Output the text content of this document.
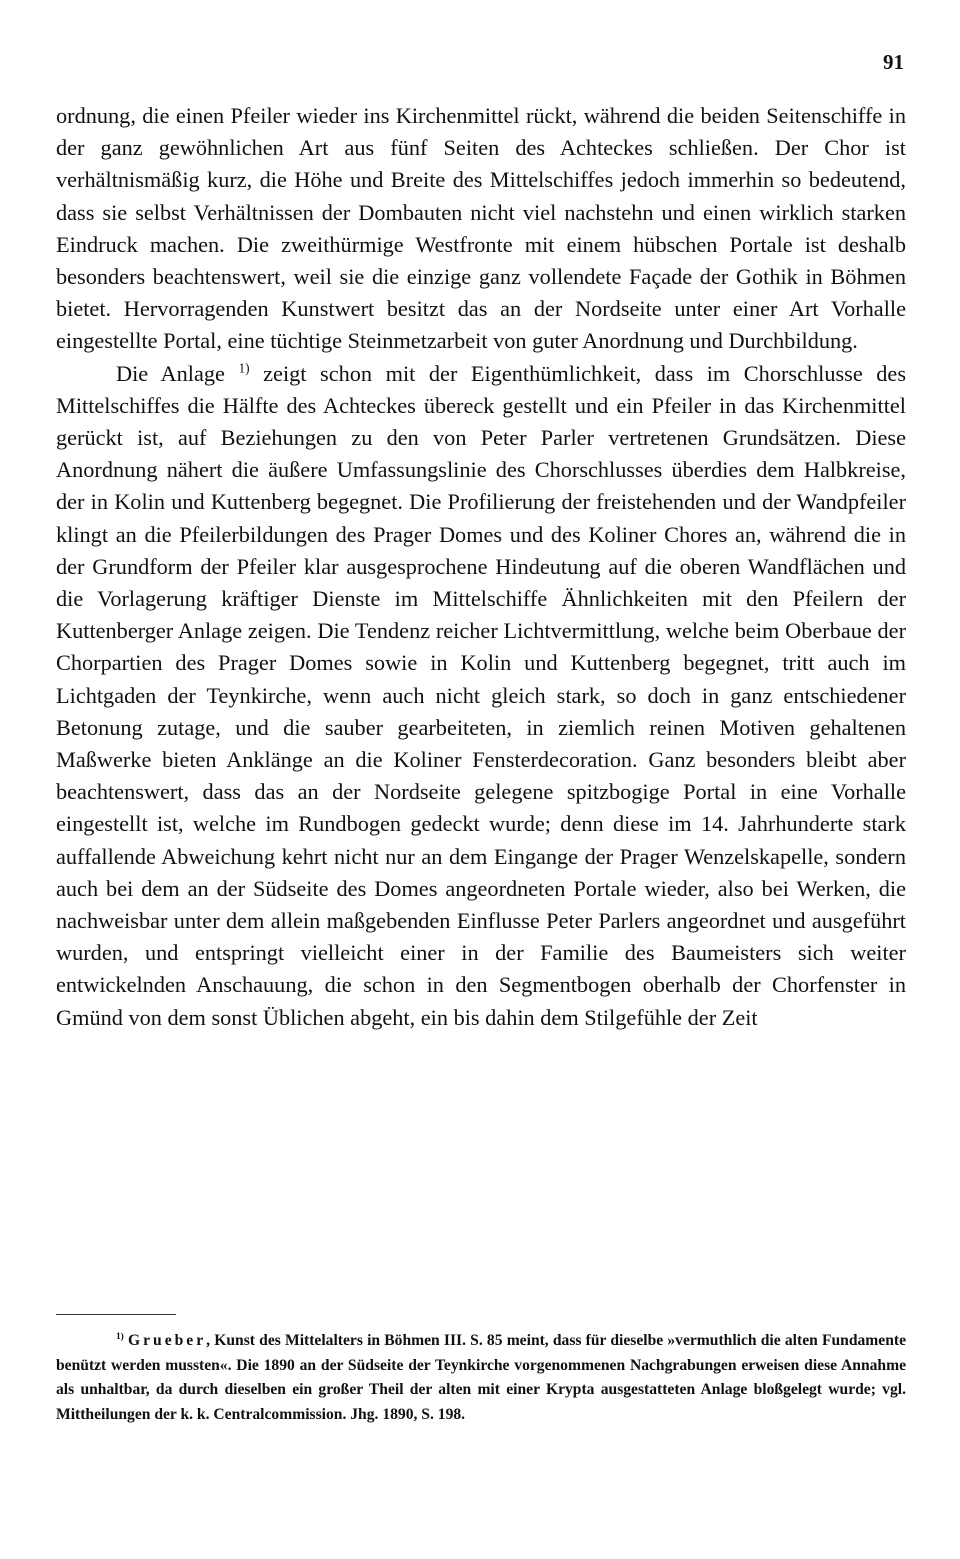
91

ordnung, die einen Pfeiler wieder ins Kirchenmittel rückt, während die beiden Seitenschiffe in der ganz gewöhnlichen Art aus fünf Seiten des Achteckes schließen. Der Chor ist verhältnismäßig kurz, die Höhe und Breite des Mittelschiffes jedoch immerhin so bedeutend, dass sie selbst Verhältnissen der Dombauten nicht viel nachstehn und einen wirklich starken Eindruck machen. Die zweithürmige Westfronte mit einem hübschen Portale ist deshalb besonders beachtenswert, weil sie die einzige ganz vollendete Façade der Gothik in Böhmen bietet. Hervorragenden Kunstwert besitzt das an der Nordseite unter einer Art Vorhalle eingestellte Portal, eine tüchtige Steinmetzarbeit von guter Anordnung und Durchbildung.

Die Anlage $^{1)}$ zeigt schon mit der Eigenthümlichkeit, dass im Chorschlusse des Mittelschiffes die Hälfte des Achteckes übereck gestellt und ein Pfeiler in das Kirchenmittel gerückt ist, auf Beziehungen zu den von Peter Parler vertretenen Grundsätzen. Diese Anordnung nähert die äußere Umfassungslinie des Chorschlusses überdies dem Halbkreise, der in Kolin und Kuttenberg begegnet. Die Profilierung der freistehenden und der Wandpfeiler klingt an die Pfeilerbildungen des Prager Domes und des Koliner Chores an, während die in der Grundform der Pfeiler klar ausgesprochene Hindeutung auf die oberen Wandflächen und die Vorlagerung kräftiger Dienste im Mittelschiffe Ähnlichkeiten mit den Pfeilern der Kuttenberger Anlage zeigen. Die Tendenz reicher Lichtvermittlung, welche beim Oberbaue der Chorpartien des Prager Domes sowie in Kolin und Kuttenberg begegnet, tritt auch im Lichtgaden der Teynkirche, wenn auch nicht gleich stark, so doch in ganz entschiedener Betonung zutage, und die sauber gearbeiteten, in ziemlich reinen Motiven gehaltenen Maßwerke bieten Anklänge an die Koliner Fensterdecoration. Ganz besonders bleibt aber beachtenswert, dass das an der Nordseite gelegene spitzbogige Portal in eine Vorhalle eingestellt ist, welche im Rundbogen gedeckt wurde; denn diese im 14. Jahrhunderte stark auffallende Abweichung kehrt nicht nur an dem Eingange der Prager Wenzelskapelle, sondern auch bei dem an der Südseite des Domes angeordneten Portale wieder, also bei Werken, die nachweisbar unter dem allein maßgebenden Einflusse Peter Parlers angeordnet und ausgeführt wurden, und entspringt vielleicht einer in der Familie des Baumeisters sich weiter entwickelnden Anschauung, die schon in den Segmentbogen oberhalb der Chorfenster in Gmünd von dem sonst Üblichen abgeht, ein bis dahin dem Stilgefühle der Zeit

$^{1)}$ Grueber, Kunst des Mittelalters in Böhmen III. S. 85 meint, dass für dieselbe »vermuthlich die alten Fundamente benützt werden mussten«. Die 1890 an der Südseite der Teynkirche vorgenommenen Nachgrabungen erweisen diese Annahme als unhaltbar, da durch dieselben ein großer Theil der alten mit einer Krypta ausgestatteten Anlage bloßgelegt wurde; vgl. Mittheilungen der k. k. Centralcommission. Jhg. 1890, S. 198.
